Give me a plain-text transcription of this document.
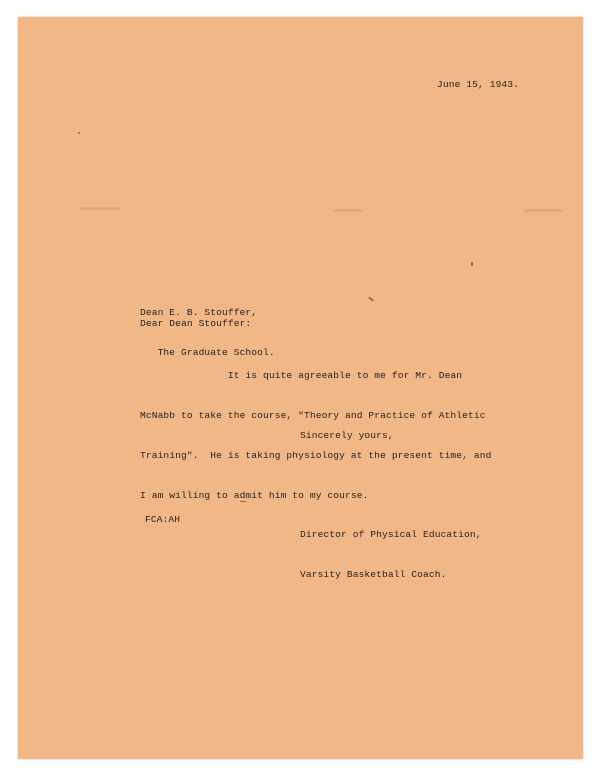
June 15, 1943.

Dean E. B. Stouffer,

The Graduate School.

Dear Dean Stouffer:

It is quite agreeable to me for Mr. Dean

McNabb to take the course, "Theory and Practice of Athletic

Training".  He is taking physiology at the present time, and

I am willing to admit him to my course.

Sincerely yours,
FCA:AH

Director of Physical Education,

Varsity Basketball Coach.
